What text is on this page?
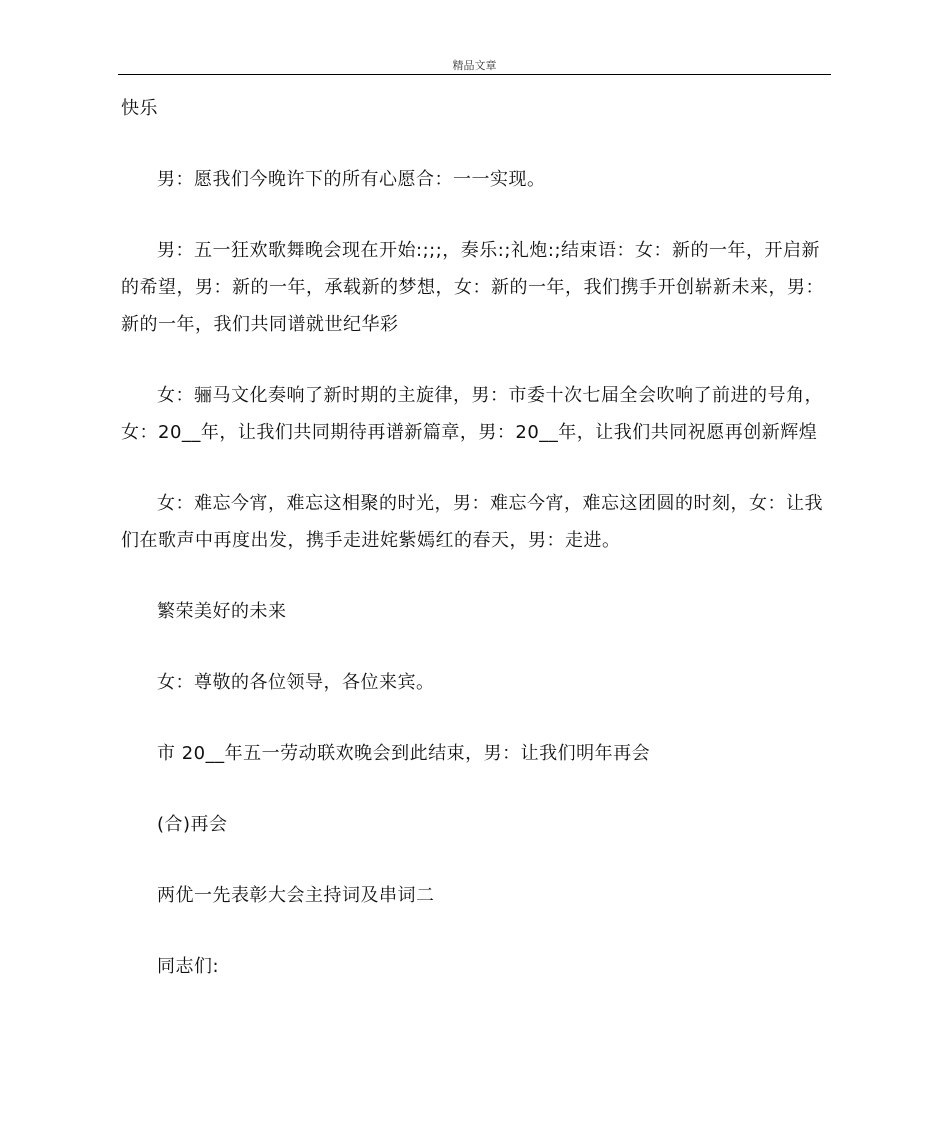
精品文章

快乐

男：愿我们今晚许下的所有心愿合：一一实现。

男：五一狂欢歌舞晚会现在开始:;;;，奏乐:;礼炮:;结束语：女：新的一年，开启新的希望，男：新的一年，承载新的梦想，女：新的一年，我们携手开创崭新未来，男：新的一年，我们共同谱就世纪华彩

女：骊马文化奏响了新时期的主旋律，男：市委十次七届全会吹响了前进的号角，女：20__年，让我们共同期待再谱新篇章，男：20__年，让我们共同祝愿再创新辉煌

女：难忘今宵，难忘这相聚的时光，男：难忘今宵，难忘这团圆的时刻，女：让我们在歌声中再度出发，携手走进姹紫嫣红的春天，男：走进。

繁荣美好的未来

女：尊敬的各位领导，各位来宾。

市 20__年五一劳动联欢晚会到此结束，男：让我们明年再会

(合)再会

两优一先表彰大会主持词及串词二

同志们:
